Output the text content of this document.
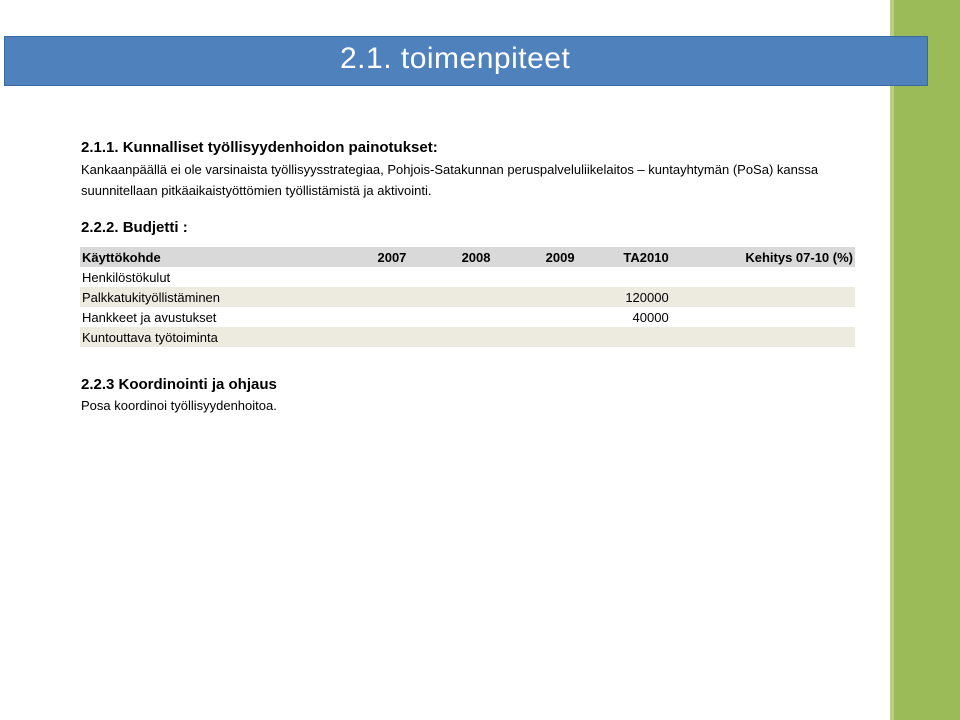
2.1. toimenpiteet
2.1.1. Kunnalliset työllisyydenhoidon painotukset:
Kankaanpäällä ei ole varsinaista työllisyysstrategiaa, Pohjois-Satakunnan peruspalveluliikelaitos – kuntayhtymän (PoSa) kanssa suunnitellaan pitkäaikaistyöttömien työllistämistä ja aktivointi.
2.2.2. Budjetti :
Käyttökohde	2007	2008	2009	TA2010	Kehitys 07-10 (%)
Henkilöstökulut					
Palkkatukityöllistäminen				120000	
Hankkeet ja avustukset				40000	
Kuntouttava työtoiminta					
2.2.3 Koordinointi ja ohjaus
Posa koordinoi työllisyydenhoitoa.
